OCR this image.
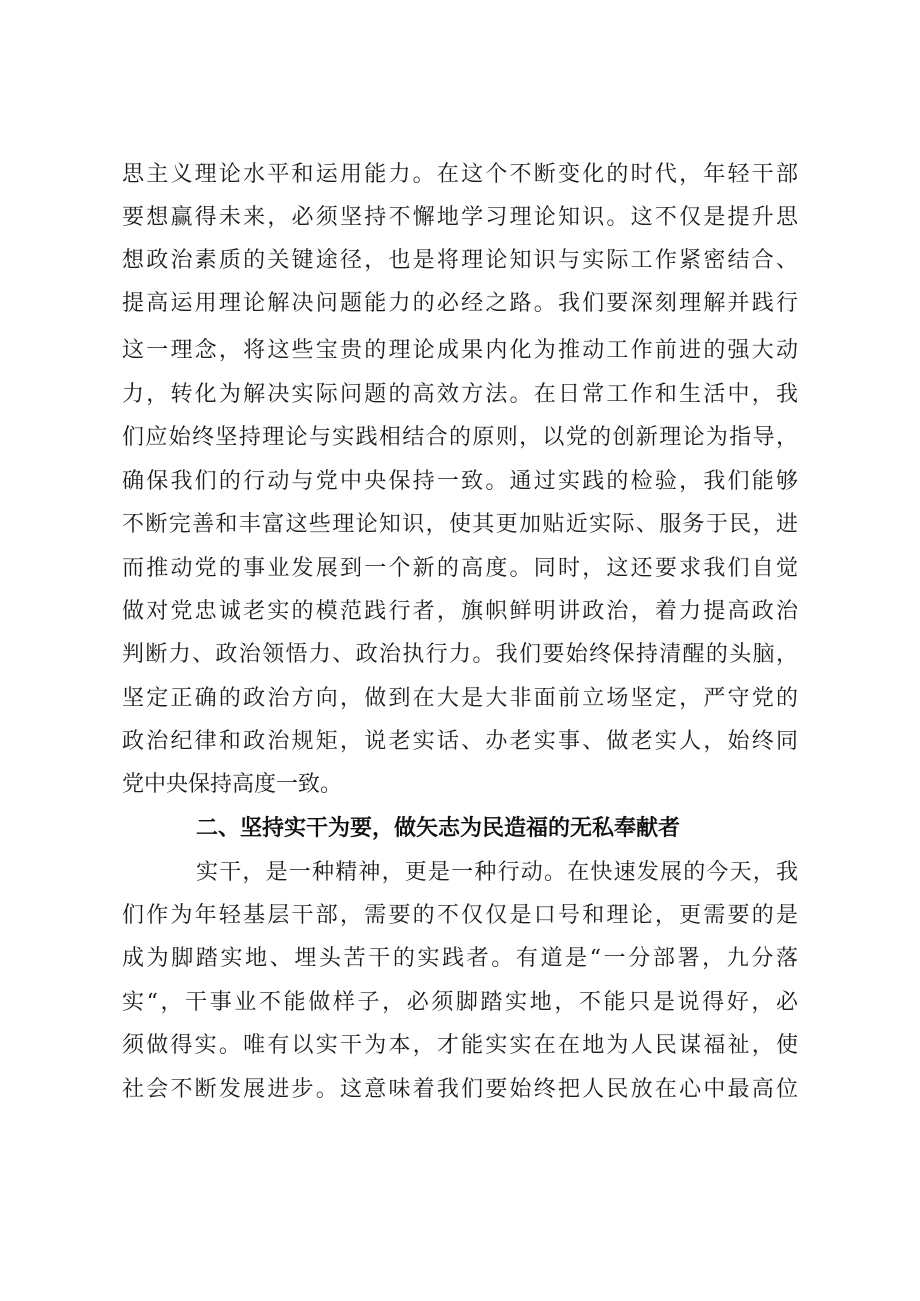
思主义理论水平和运用能力。在这个不断变化的时代，年轻干部
要想赢得未来，必须坚持不懈地学习理论知识。这不仅是提升思
想政治素质的关键途径，也是将理论知识与实际工作紧密结合、
提高运用理论解决问题能力的必经之路。我们要深刻理解并践行
这一理念，将这些宝贵的理论成果内化为推动工作前进的强大动
力，转化为解决实际问题的高效方法。在日常工作和生活中，我
们应始终坚持理论与实践相结合的原则，以党的创新理论为指导，
确保我们的行动与党中央保持一致。通过实践的检验，我们能够
不断完善和丰富这些理论知识，使其更加贴近实际、服务于民，进
而推动党的事业发展到一个新的高度。同时，这还要求我们自觉
做对党忠诚老实的模范践行者，旗帜鲜明讲政治，着力提高政治
判断力、政治领悟力、政治执行力。我们要始终保持清醒的头脑，
坚定正确的政治方向，做到在大是大非面前立场坚定，严守党的
政治纪律和政治规矩，说老实话、办老实事、做老实人，始终同
党中央保持高度一致。
二、坚持实干为要，做矢志为民造福的无私奉献者
实干，是一种精神，更是一种行动。在快速发展的今天，我
们作为年轻基层干部，需要的不仅仅是口号和理论，更需要的是
成为脚踏实地、埋头苦干的实践者。有道是“一分部署，九分落
实“，干事业不能做样子，必须脚踏实地，不能只是说得好，必
须做得实。唯有以实干为本，才能实实在在地为人民谋福祉，使
社会不断发展进步。这意味着我们要始终把人民放在心中最高位
